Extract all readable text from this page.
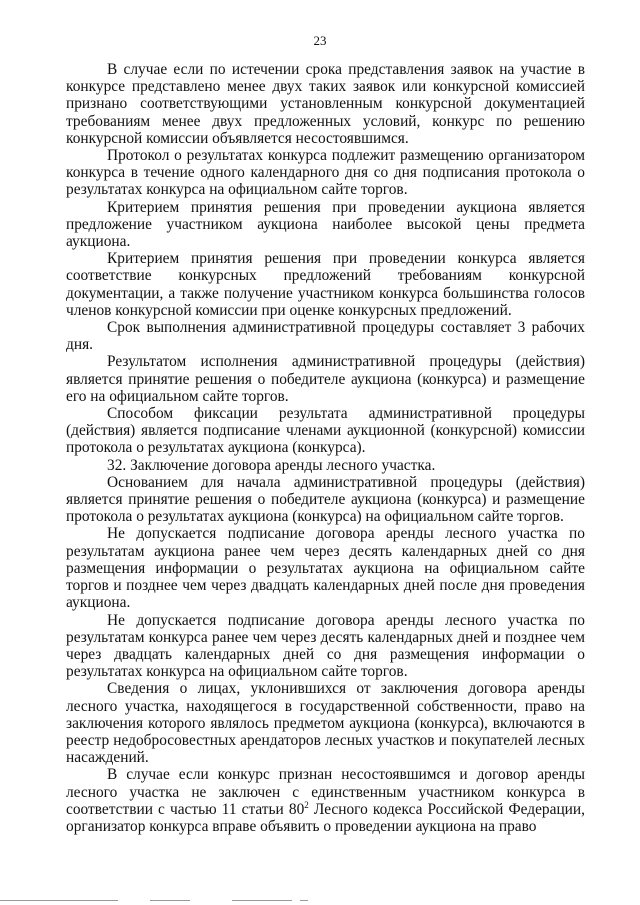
23

В случае если по истечении срока представления заявок на участие в конкурсе представлено менее двух таких заявок или конкурсной комиссией признано соответствующими установленным конкурсной документацией требованиям менее двух предложенных условий, конкурс по решению конкурсной комиссии объявляется несостоявшимся.

Протокол о результатах конкурса подлежит размещению организатором конкурса в течение одного календарного дня со дня подписания протокола о результатах конкурса на официальном сайте торгов.

Критерием принятия решения при проведении аукциона является предложение участником аукциона наиболее высокой цены предмета аукциона.

Критерием принятия решения при проведении конкурса является соответствие конкурсных предложений требованиям конкурсной документации, а также получение участником конкурса большинства голосов членов конкурсной комиссии при оценке конкурсных предложений.

Срок выполнения административной процедуры составляет 3 рабочих дня.

Результатом исполнения административной процедуры (действия) является принятие решения о победителе аукциона (конкурса) и размещение его на официальном сайте торгов.

Способом фиксации результата административной процедуры (действия) является подписание членами аукционной (конкурсной) комиссии протокола о результатах аукциона (конкурса).

32. Заключение договора аренды лесного участка.

Основанием для начала административной процедуры (действия) является принятие решения о победителе аукциона (конкурса) и размещение протокола о результатах аукциона (конкурса) на официальном сайте торгов.

Не допускается подписание договора аренды лесного участка по результатам аукциона ранее чем через десять календарных дней со дня размещения информации о результатах аукциона на официальном сайте торгов и позднее чем через двадцать календарных дней после дня проведения аукциона.

Не допускается подписание договора аренды лесного участка по результатам конкурса ранее чем через десять календарных дней и позднее чем через двадцать календарных дней со дня размещения информации о результатах конкурса на официальном сайте торгов.

Сведения о лицах, уклонившихся от заключения договора аренды лесного участка, находящегося в государственной собственности, право на заключения которого являлось предметом аукциона (конкурса), включаются в реестр недобросовестных арендаторов лесных участков и покупателей лесных насаждений.

В случае если конкурс признан несостоявшимся и договор аренды лесного участка не заключен с единственным участником конкурса в соответствии с частью 11 статьи $80^2$ Лесного кодекса Российской Федерации, организатор конкурса вправе объявить о проведении аукциона на право
